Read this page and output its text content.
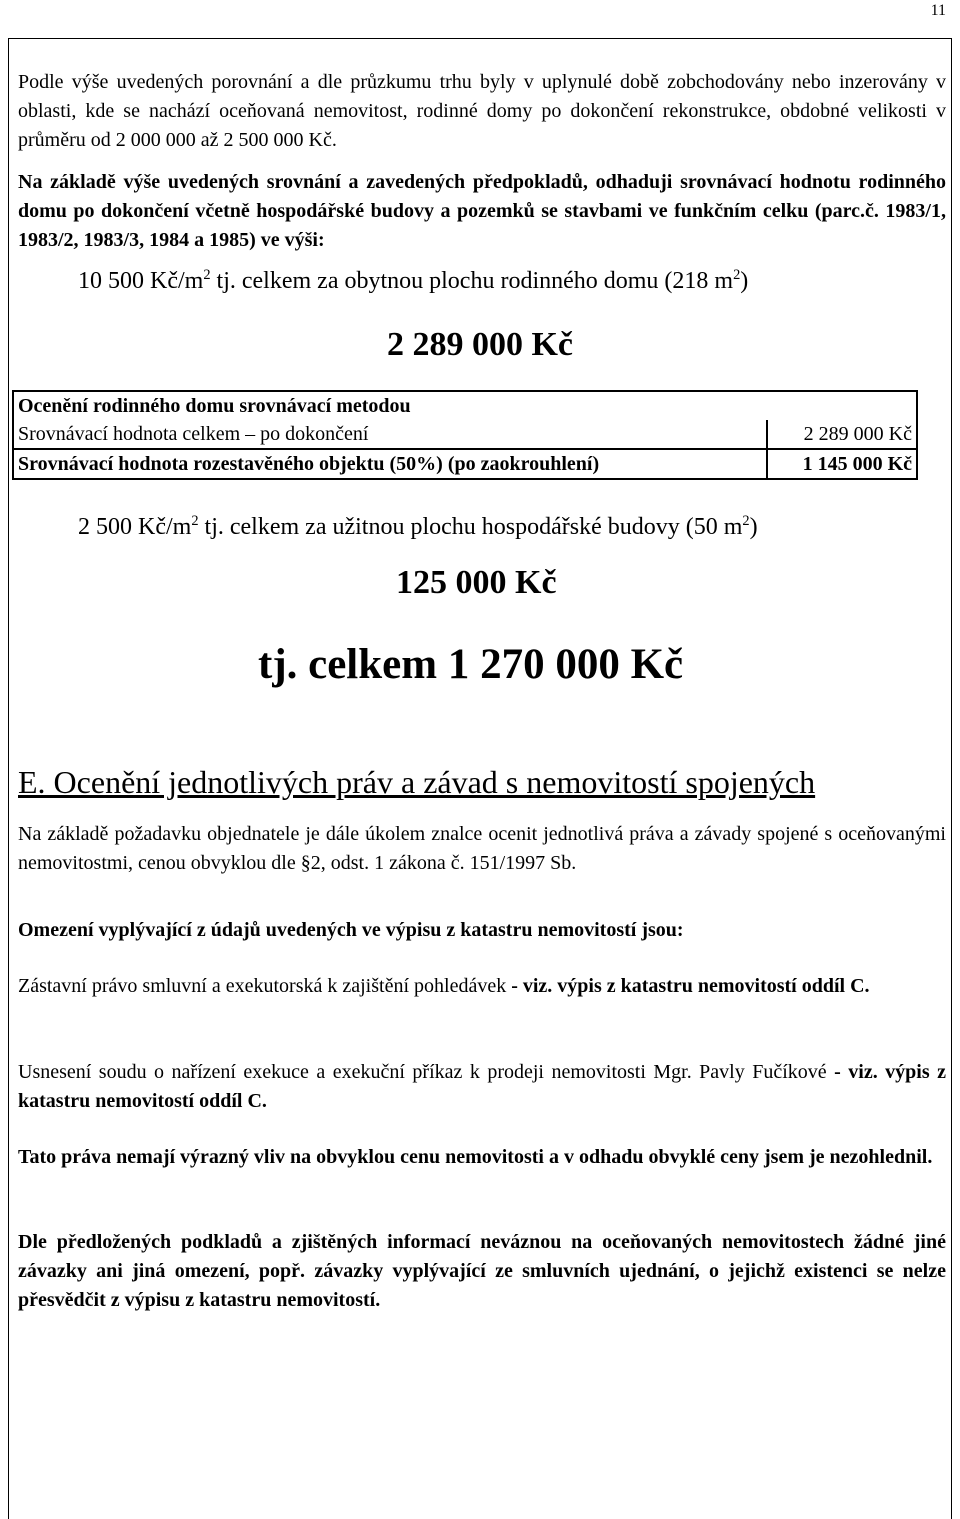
11
Podle výše uvedených porovnání a dle průzkumu trhu byly v uplynulé době zobchodovány nebo inzerovány v oblasti, kde se nachází oceňovaná nemovitost, rodinné domy po dokončení rekonstrukce, obdobné velikosti v průměru od 2 000 000 až 2 500 000 Kč.
Na základě výše uvedených srovnání a zavedených předpokladů, odhaduji srovnávací hodnotu rodinného domu po dokončení včetně hospodářské budovy a pozemků se stavbami ve funkčním celku (parc.č. 1983/1, 1983/2, 1983/3, 1984 a 1985) ve výši:
10 500 $Kč/m^2$ tj. celkem za obytnou plochu rodinného domu (218 $m^2$)
2 289 000 Kč
Ocenění rodinného domu srovnávací metodou	
Srovnávací hodnota celkem – po dokončení	2 289 000 Kč
Srovnávací hodnota rozestavěného objektu (50%) (po zaokrouhlení)	1 145 000 Kč
2 500 $Kč/m^2$ tj. celkem za užitnou plochu hospodářské budovy (50 $m^2$)
125 000 Kč
tj. celkem 1 270 000 Kč
E. Ocenění jednotlivých práv a závad s nemovitostí spojených
Na základě požadavku objednatele je dále úkolem znalce ocenit jednotlivá práva a závady spojené s oceňovanými nemovitostmi, cenou obvyklou dle §2, odst. 1 zákona č. 151/1997 Sb.
Omezení vyplývající z údajů uvedených ve výpisu z katastru nemovitostí jsou:
Zástavní právo smluvní a exekutorská k zajištění pohledávek - viz. výpis z katastru nemovitostí oddíl C.
Usnesení soudu o nařízení exekuce a exekuční příkaz k prodeji nemovitosti Mgr. Pavly Fučíkové - viz. výpis z katastru nemovitostí oddíl C.
Tato práva nemají výrazný vliv na obvyklou cenu nemovitosti a v odhadu obvyklé ceny jsem je nezohlednil.
Dle předložených podkladů a zjištěných informací neváznou na oceňovaných nemovitostech žádné jiné závazky ani jiná omezení, popř. závazky vyplývající ze smluvních ujednání, o jejichž existenci se nelze přesvědčit z výpisu z katastru nemovitostí.
